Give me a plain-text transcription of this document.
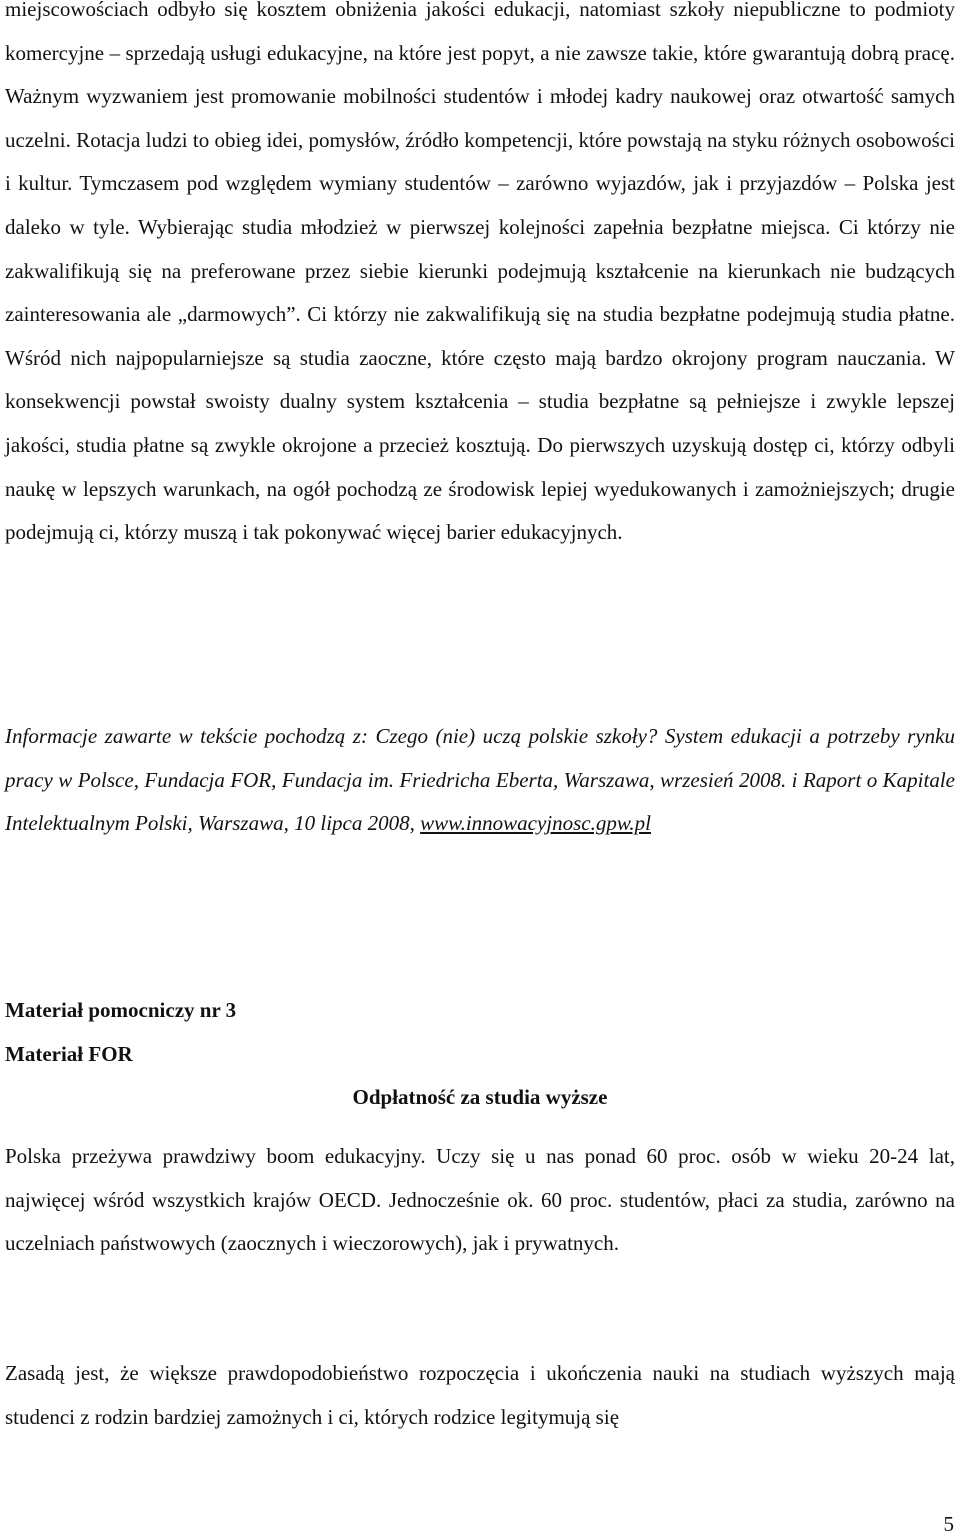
miejscowościach odbyło się kosztem obniżenia jakości edukacji, natomiast szkoły niepubliczne to podmioty komercyjne – sprzedają usługi edukacyjne, na które jest popyt, a nie zawsze takie, które gwarantują dobrą pracę. Ważnym wyzwaniem jest promowanie mobilności studentów i młodej kadry naukowej oraz otwartość samych uczelni. Rotacja ludzi to obieg idei, pomysłów, źródło kompetencji, które powstają na styku różnych osobowości i kultur. Tymczasem pod względem wymiany studentów – zarówno wyjazdów, jak i przyjazdów – Polska jest daleko w tyle. Wybierając studia młodzież w pierwszej kolejności zapełnia bezpłatne miejsca. Ci którzy nie zakwalifikują się na preferowane przez siebie kierunki podejmują kształcenie na kierunkach nie budzących zainteresowania ale „darmowych”. Ci którzy nie zakwalifikują się na studia bezpłatne podejmują studia płatne. Wśród nich najpopularniejsze są studia zaoczne, które często mają bardzo okrojony program nauczania. W konsekwencji powstał swoisty dualny system kształcenia – studia bezpłatne są pełniejsze i zwykle lepszej jakości, studia płatne są zwykle okrojone a przecież kosztują. Do pierwszych uzyskują dostęp ci, którzy odbyli naukę w lepszych warunkach, na ogół pochodzą ze środowisk lepiej wyedukowanych i zamożniejszych; drugie podejmują ci, którzy muszą i tak pokonywać więcej barier edukacyjnych.

Informacje zawarte w tekście pochodzą z: Czego (nie) uczą polskie szkoły? System edukacji a potrzeby rynku pracy w Polsce, Fundacja FOR, Fundacja im. Friedricha Eberta, Warszawa, wrzesień 2008. i Raport o Kapitale Intelektualnym Polski, Warszawa, 10 lipca 2008, www.innowacyjnosc.gpw.pl

Materiał pomocniczy nr 3
Materiał FOR
Odpłatność za studia wyższe

Polska przeżywa prawdziwy boom edukacyjny. Uczy się u nas ponad 60 proc. osób w wieku 20-24 lat, najwięcej wśród wszystkich krajów OECD. Jednocześnie ok. 60 proc. studentów, płaci za studia, zarówno na uczelniach państwowych (zaocznych i wieczorowych), jak i prywatnych.

Zasadą jest, że większe prawdopodobieństwo rozpoczęcia i ukończenia nauki na studiach wyższych mają studenci z rodzin bardziej zamożnych i ci, których rodzice legitymują się

5
